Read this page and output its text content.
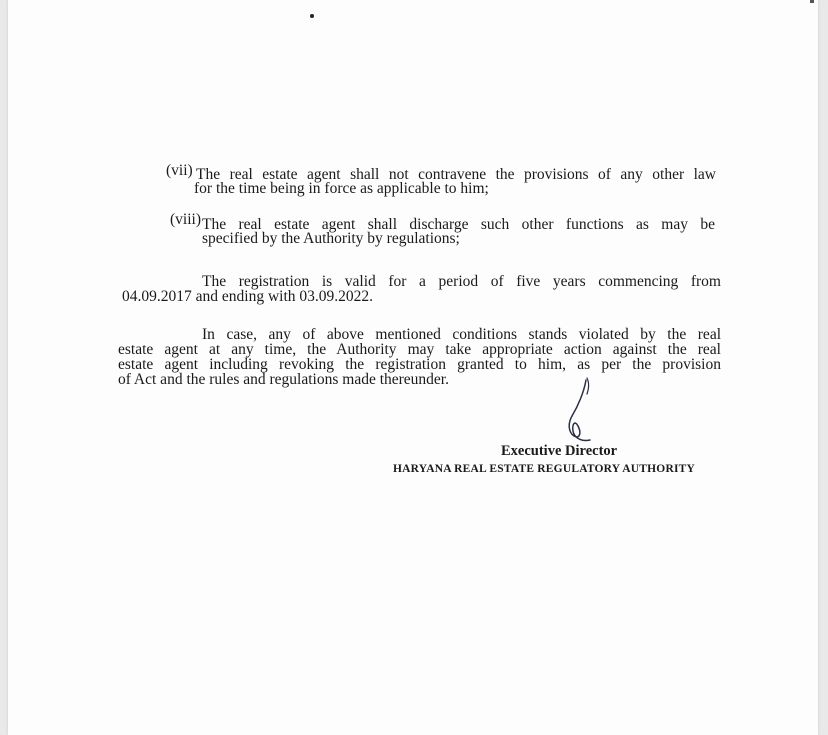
(vii) The real estate agent shall not contravene the provisions of any other law
for the time being in force as applicable to him;
(viii) The real estate agent shall discharge such other functions as may be
specified by the Authority by regulations;
The registration is valid for a period of five years commencing from
04.09.2017 and ending with 03.09.2022.
In case, any of above mentioned conditions stands violated by the real
estate agent at any time, the Authority may take appropriate action against the real
estate agent including revoking the registration granted to him, as per the provision
of Act and the rules and regulations made thereunder.
Executive Director
HARYANA REAL ESTATE REGULATORY AUTHORITY
